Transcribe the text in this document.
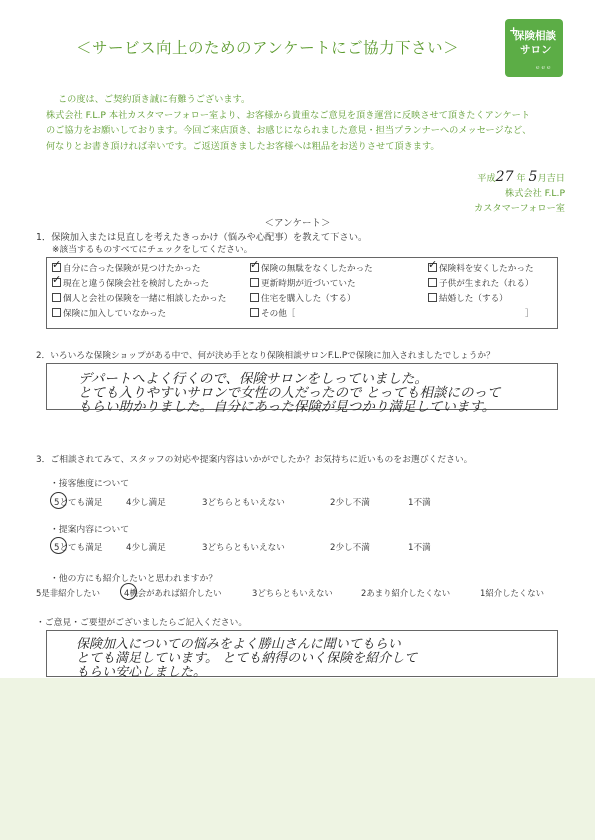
＜サービス向上のためのアンケートにご協力下さい＞
+
保険相談
サロン
ｅｅｅ

この度は、ご契約頂き誠に有難うございます。

株式会社 F.L.P 本社カスタマーフォロー室より、お客様から貴重なご意見を頂き運営に反映させて頂きたくアンケート

のご協力をお願いしております。今回ご来店頂き、お感じになられました意見・担当プランナーへのメッセージなど、

何なりとお書き頂ければ幸いです。ご返送頂きましたお客様へは粗品をお送りさせて頂きます。

平成27 年 5月吉日
株式会社 F.L.P
カスタマーフォロー室
＜アンケート＞
1．保険加入または見直しを考えたきっかけ（悩みや心配事）を教えて下さい。
※該当するものすべてにチェックをしてください。
✓自分に合った保険が見つけたかった ✓	保険の無駄をなくしたかった ✓	保険料を安くしたかった
✓現在と違う保険会社を検討したかった	更新時期が近づいていた	子供が生まれた（れる）
個人と会社の保険を一緒に相談したかった	住宅を購入した（する）	結婚した（する）
保険に加入していなかった	その他［	］
2．いろいろな保険ショップがある中で、何が決め手となり保険相談サロンF.L.Pで保険に加入されましたでしょうか？
デパートへよく行くので、保険サロンをしっていました。
とても入りやすいサロンで女性の人だったので とっても相談にのって
もらい助かりました。自分にあった保険が見つかり満足しています。
3．ご相談されてみて、スタッフの対応や提案内容はいかがでしたか？お気持ちに近いものをお選びください。
・接客態度について
5とても満足	4少し満足	3どちらともいえない	2少し不満	1不満
・提案内容について
5とても満足	4少し満足	3どちらともいえない	2少し不満	1不満
・他の方にも紹介したいと思われますか？
5是非紹介したい	4機会があれば紹介したい	3どちらともいえない	2あまり紹介したくない	1紹介したくない
・ご意見・ご要望がございましたらご記入ください。
保険加入についての悩みをよく勝山さんに聞いてもらい
とても満足しています。 とても納得のいく保険を紹介して
もらい安心しました。
